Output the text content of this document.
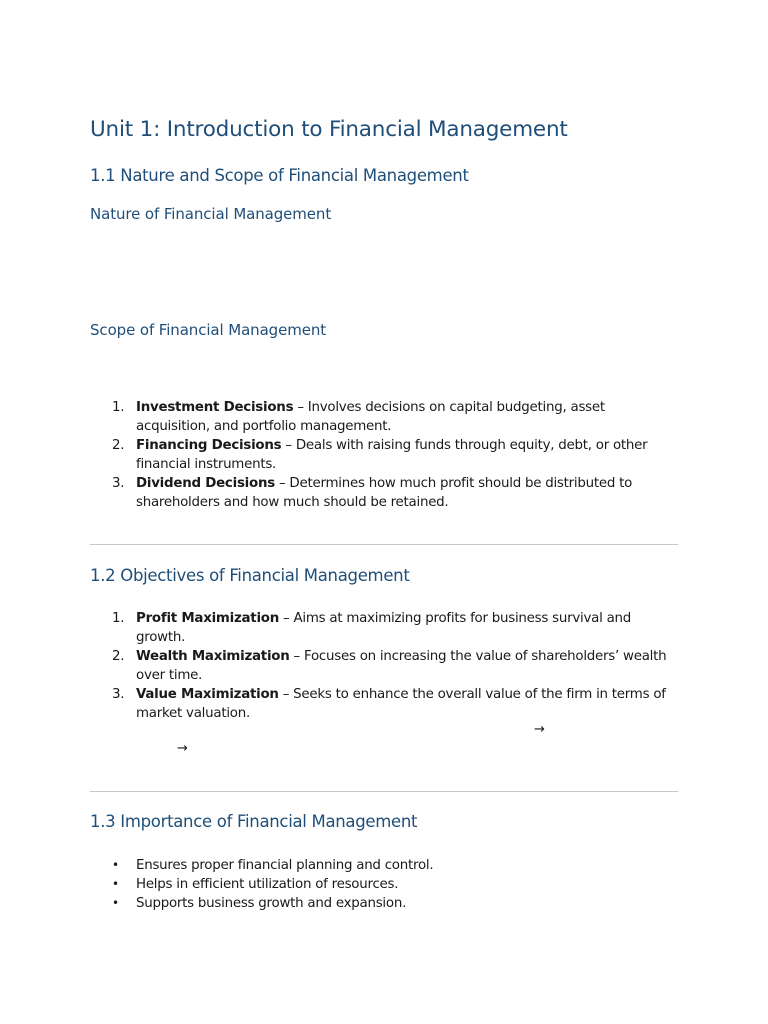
Unit 1: Introduction to Financial Management
1.1 Nature and Scope of Financial Management
Nature of Financial Management
Scope of Financial Management
1. Investment Decisions – Involves decisions on capital budgeting, asset acquisition, and portfolio management.
2. Financing Decisions – Deals with raising funds through equity, debt, or other financial instruments.
3. Dividend Decisions – Determines how much profit should be distributed to shareholders and how much should be retained.
1.2 Objectives of Financial Management
1. Profit Maximization – Aims at maximizing profits for business survival and growth.
2. Wealth Maximization – Focuses on increasing the value of shareholders’ wealth over time.
3. Value Maximization – Seeks to enhance the overall value of the firm in terms of market valuation.
→
→
1.3 Importance of Financial Management
• Ensures proper financial planning and control.
• Helps in efficient utilization of resources.
• Supports business growth and expansion.
